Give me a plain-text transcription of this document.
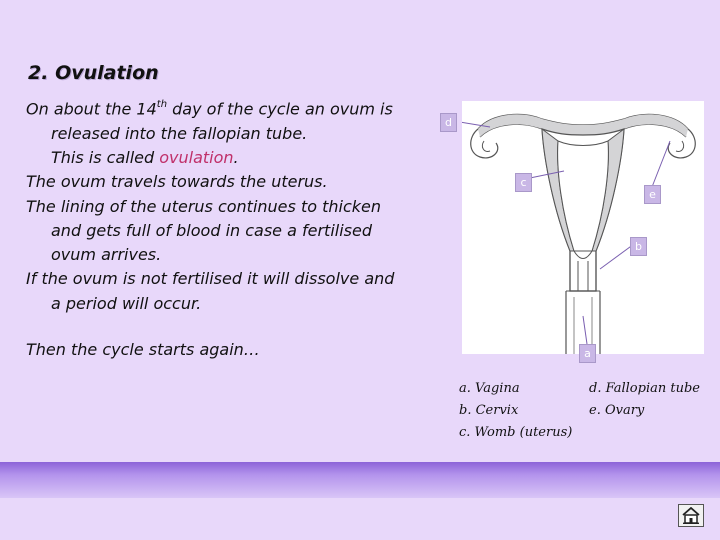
2. Ovulation

On about the 14th day of the cycle an ovum is

released into the fallopian tube.

This is called ovulation.

The ovum travels towards the uterus.

The lining of the uterus continues to thicken

and gets full of blood in case a fertilised

ovum arrives.

If the ovum is not fertilised it will dissolve and

a period will occur.

Then the cycle starts again…

d
c
e
b
a
a. Vagina
b. Cervix
c. Womb (uterus)
d. Fallopian tube
e. Ovary
